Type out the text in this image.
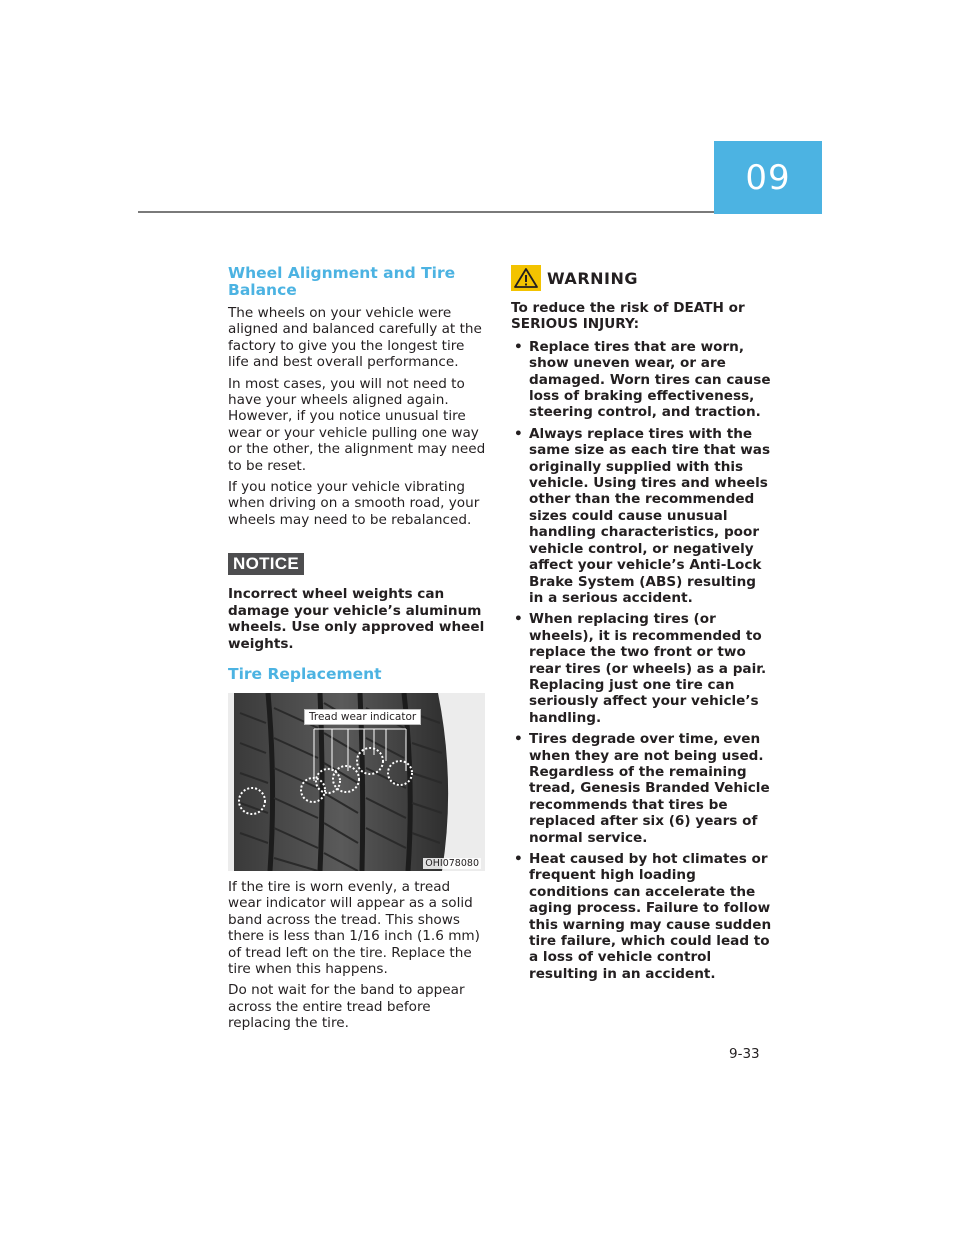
09
Wheel Alignment and Tire
Balance

The wheels on your vehicle were aligned and balanced carefully at the factory to give you the longest tire life and best overall performance.

In most cases, you will not need to have your wheels aligned again. However, if you notice unusual tire wear or your vehicle pulling one way or the other, the alignment may need to be reset.

If you notice your vehicle vibrating when driving on a smooth road, your wheels may need to be rebalanced.

NOTICE

Incorrect wheel weights can damage your vehicle’s aluminum wheels. Use only approved wheel weights.

Tire Replacement
Tread wear indicator
OHI078080

If the tire is worn evenly, a tread wear indicator will appear as a solid band across the tread. This shows there is less than 1/16 inch (1.6 mm) of tread left on the tire. Replace the tire when this happens.

Do not wait for the band to appear across the entire tread before replacing the tire.

WARNING

To reduce the risk of DEATH or SERIOUS INJURY:

• Replace tires that are worn, show uneven wear, or are damaged. Worn tires can cause loss of braking effectiveness, steering control, and traction.
• Always replace tires with the same size as each tire that was originally supplied with this vehicle. Using tires and wheels other than the recommended sizes could cause unusual handling characteristics, poor vehicle control, or negatively affect your vehicle’s Anti-Lock Brake System (ABS) resulting in a serious accident.
• When replacing tires (or wheels), it is recommended to replace the two front or two rear tires (or wheels) as a pair. Replacing just one tire can seriously affect your vehicle’s handling.
• Tires degrade over time, even when they are not being used. Regardless of the remaining tread, Genesis Branded Vehicle recommends that tires be replaced after six (6) years of normal service.
• Heat caused by hot climates or frequent high loading conditions can accelerate the aging process. Failure to follow this warning may cause sudden tire failure, which could lead to a loss of vehicle control resulting in an accident.
9-33
